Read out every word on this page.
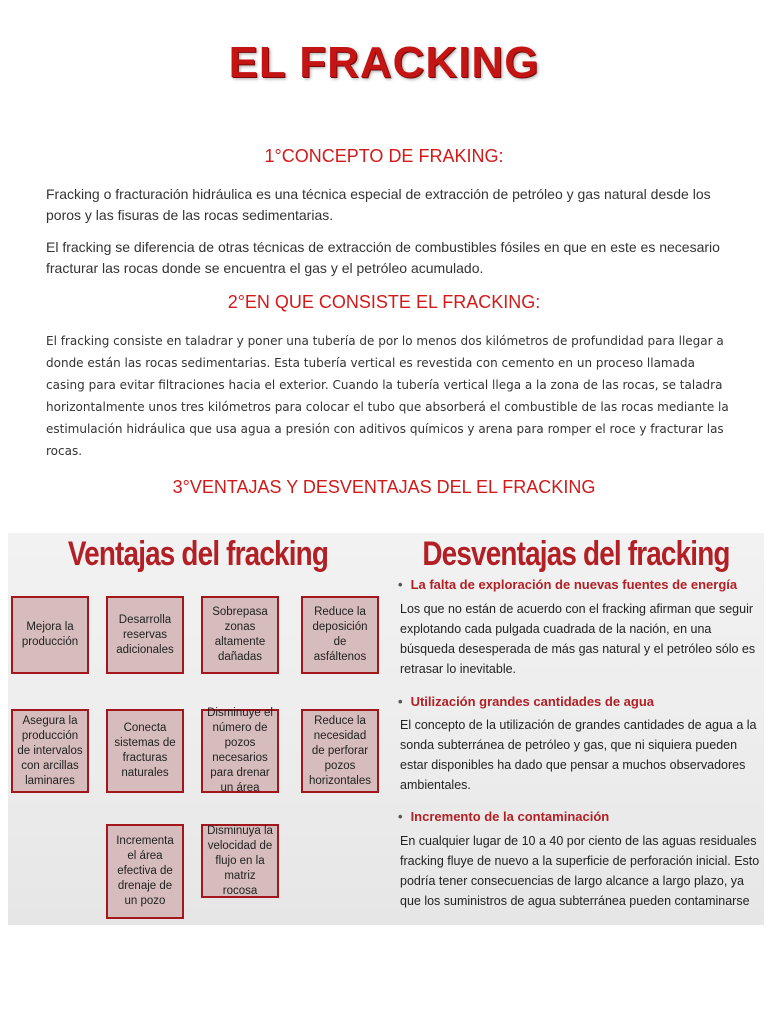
EL FRACKING
1°CONCEPTO DE FRAKING:
Fracking o fracturación hidráulica es una técnica especial de extracción de petróleo y gas natural desde los poros y las fisuras de las rocas sedimentarias.
El fracking se diferencia de otras técnicas de extracción de combustibles fósiles en que en este es necesario fracturar las rocas donde se encuentra el gas y el petróleo acumulado.
2°EN QUE CONSISTE EL FRACKING:
El fracking consiste en taladrar y poner una tubería de por lo menos dos kilómetros de profundidad para llegar a donde están las rocas sedimentarias. Esta tubería vertical es revestida con cemento en un proceso llamada casing para evitar filtraciones hacia el exterior. Cuando la tubería vertical llega a la zona de las rocas, se taladra horizontalmente unos tres kilómetros para colocar el tubo que absorberá el combustible de las rocas mediante la estimulación hidráulica que usa agua a presión con aditivos químicos y arena para romper el roce y fracturar las rocas.
3°VENTAJAS Y DESVENTAJAS DEL EL FRACKING
Ventajas del fracking
Mejora la producción
Desarrolla reservas adicionales
Sobrepasa zonas altamente dañadas
Reduce la deposición de asfáltenos
Asegura la producción de intervalos con arcillas laminares
Conecta sistemas de fracturas naturales
Disminuye el número de pozos necesarios para drenar un área
Reduce la necesidad de perforar pozos horizontales
Incrementa el área efectiva de drenaje de un pozo
Disminuya la velocidad de flujo en la matriz rocosa
Desventajas del fracking
• La falta de exploración de nuevas fuentes de energía
Los que no están de acuerdo con el fracking afirman que seguir explotando cada pulgada cuadrada de la nación, en una búsqueda desesperada de más gas natural y el petróleo sólo es retrasar lo inevitable.
• Utilización grandes cantidades de agua
El concepto de la utilización de grandes cantidades de agua a la sonda subterránea de petróleo y gas, que ni siquiera pueden estar disponibles ha dado que pensar a muchos observadores ambientales.
• Incremento de la contaminación
En cualquier lugar de 10 a 40 por ciento de las aguas residuales fracking fluye de nuevo a la superficie de perforación inicial. Esto podría tener consecuencias de largo alcance a largo plazo, ya que los suministros de agua subterránea pueden contaminarse
